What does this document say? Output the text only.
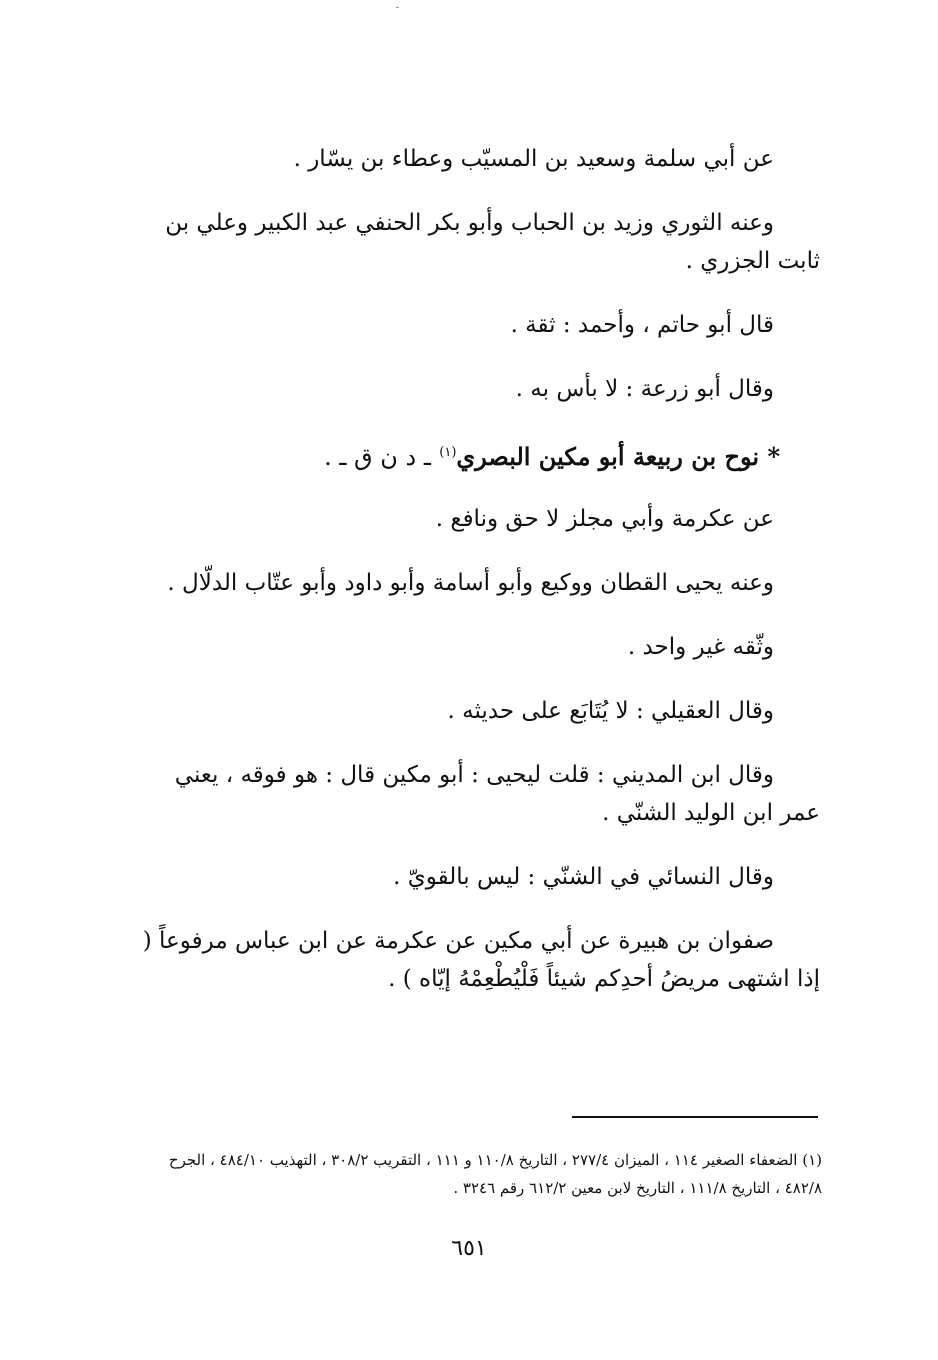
ﹶ

عن أبي سلمة وسعيد بن المسيّب وعطاء بن يسّار .

وعنه الثوري وزيد بن الحباب وأبو بكر الحنفي عبد الكبير وعلي بن ثابت الجزري .

قال أبو حاتم ، وأحمد : ثقة .

وقال أبو زرعة : لا بأس به .

* نوح بن ربيعة أبو مكين البصري$^{(١)}$ ـ د ن ق ـ .

عن عكرمة وأبي مجلز لا حق ونافع .

وعنه يحيى القطان ووكيع وأبو أسامة وأبو داود وأبو عتّاب الدلّال .

وثّقه غير واحد .

وقال العقيلي : لا يُتَابَع على حديثه .

وقال ابن المديني : قلت ليحيى : أبو مكين قال : هو فوقه ، يعني عمر ابن الوليد الشنّي .

وقال النسائي في الشنّي : ليس بالقويّ .

صفوان بن هبيرة عن أبي مكين عن عكرمة عن ابن عباس مرفوعاً ( إذا اشتهى مريضُ أحدِكم شيئاً فَلْيُطْعِمْهُ إيّاه ) .

(١) الضعفاء الصغير ١١٤ ، الميزان ٢٧٧/٤ ، التاريخ ١١٠/٨ و ١١١ ، التقريب ٣٠٨/٢ ، التهذيب ٤٨٤/١٠ ، الجرح ٤٨٢/٨ ، التاريخ ١١١/٨ ، التاريخ لابن معين ٦١٢/٢ رقم ٣٢٤٦ .
٦٥١
